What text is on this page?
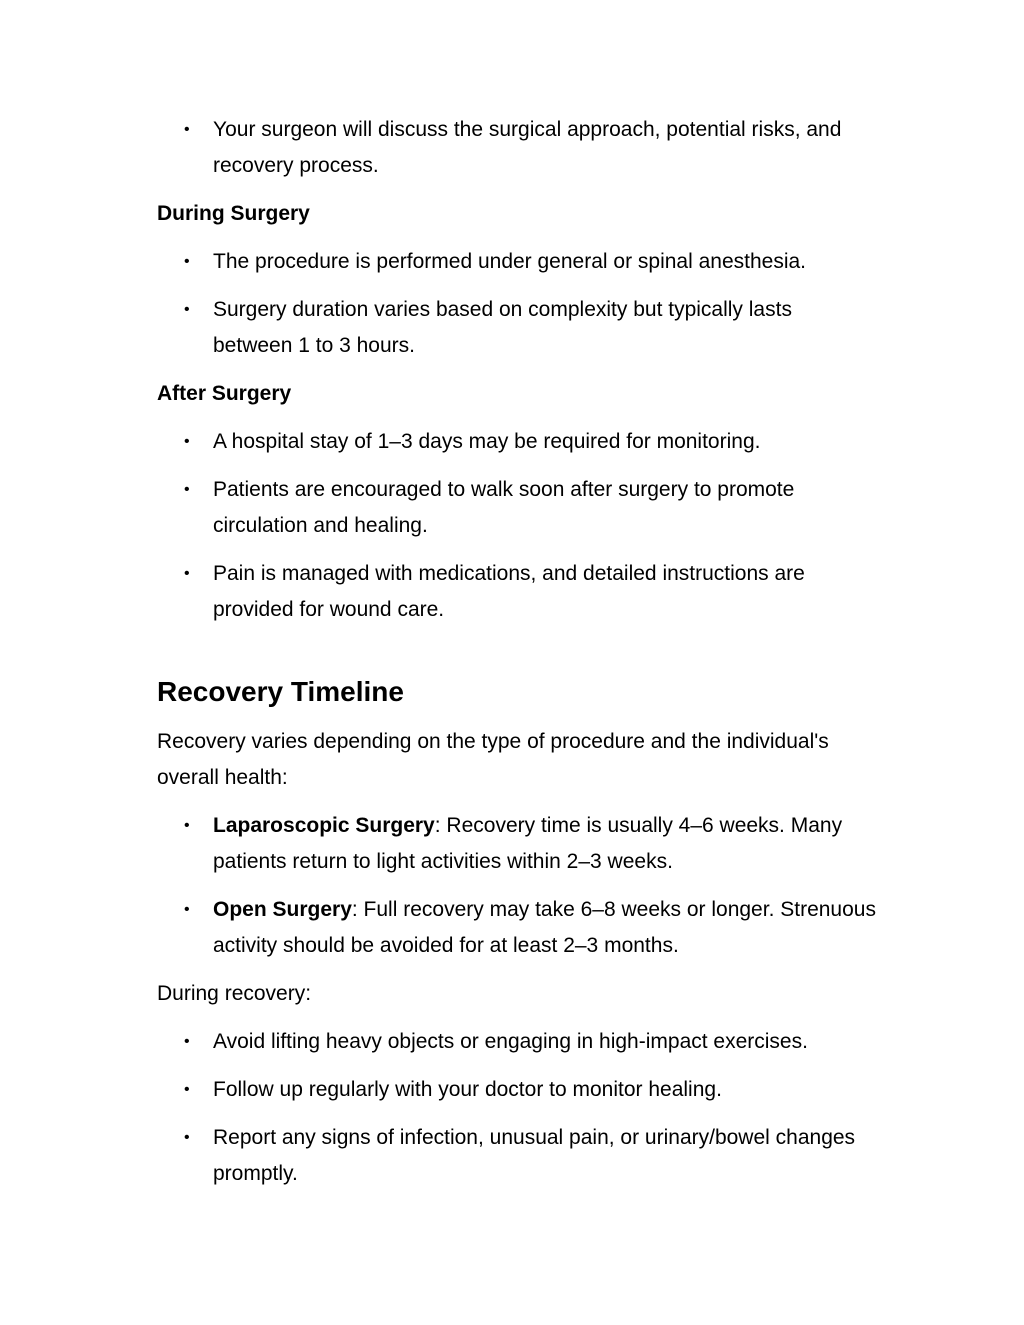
• Your surgeon will discuss the surgical approach, potential risks, and recovery process.
During Surgery
• The procedure is performed under general or spinal anesthesia.
• Surgery duration varies based on complexity but typically lasts between 1 to 3 hours.
After Surgery
• A hospital stay of 1–3 days may be required for monitoring.
• Patients are encouraged to walk soon after surgery to promote circulation and healing.
• Pain is managed with medications, and detailed instructions are provided for wound care.
Recovery Timeline
Recovery varies depending on the type of procedure and the individual's overall health:
• Laparoscopic Surgery: Recovery time is usually 4–6 weeks. Many patients return to light activities within 2–3 weeks.
• Open Surgery: Full recovery may take 6–8 weeks or longer. Strenuous activity should be avoided for at least 2–3 months.
During recovery:
• Avoid lifting heavy objects or engaging in high-impact exercises.
• Follow up regularly with your doctor to monitor healing.
• Report any signs of infection, unusual pain, or urinary/bowel changes promptly.
